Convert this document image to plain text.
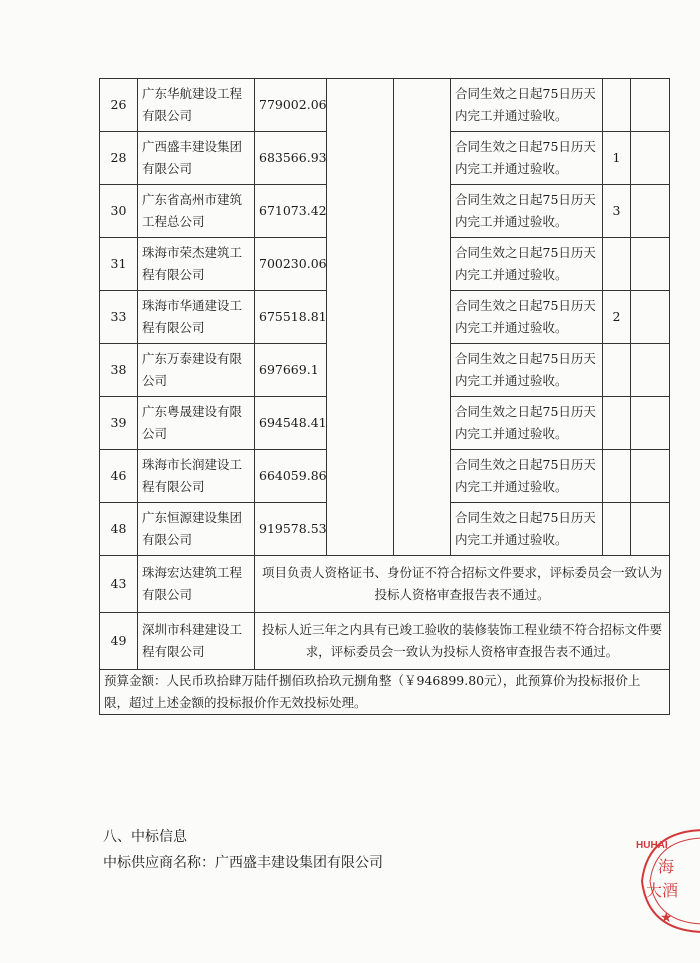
26	广东华航建设工程有限公司	779002.06			合同生效之日起75日历天内完工并通过验收。		
28	广西盛丰建设集团有限公司	683566.93			合同生效之日起75日历天内完工并通过验收。	1	
30	广东省高州市建筑工程总公司	671073.42			合同生效之日起75日历天内完工并通过验收。	3	
31	珠海市荣杰建筑工程有限公司	700230.06			合同生效之日起75日历天内完工并通过验收。		
33	珠海市华通建设工程有限公司	675518.81			合同生效之日起75日历天内完工并通过验收。	2	
38	广东万泰建设有限公司	697669.1			合同生效之日起75日历天内完工并通过验收。		
39	广东粤晟建设有限公司	694548.41			合同生效之日起75日历天内完工并通过验收。		
46	珠海市长润建设工程有限公司	664059.86			合同生效之日起75日历天内完工并通过验收。		
48	广东恒源建设集团有限公司	919578.53			合同生效之日起75日历天内完工并通过验收。		
43	珠海宏达建筑工程有限公司	项目负责人资格证书、身份证不符合招标文件要求，评标委员会一致认为投标人资格审查报告表不通过。					
49	深圳市科建建设工程有限公司	投标人近三年之内具有已竣工验收的装修装饰工程业绩不符合招标文件要求，评标委员会一致认为投标人资格审查报告表不通过。					
预算金额：人民币玖拾肆万陆仟捌佰玖拾玖元捌角整（￥946899.80元），此预算价为投标报价上限，超过上述金额的投标报价作无效投标处理。							
八、中标信息
中标供应商名称：广西盛丰建设集团有限公司
HUHAI
海
大酒
★
